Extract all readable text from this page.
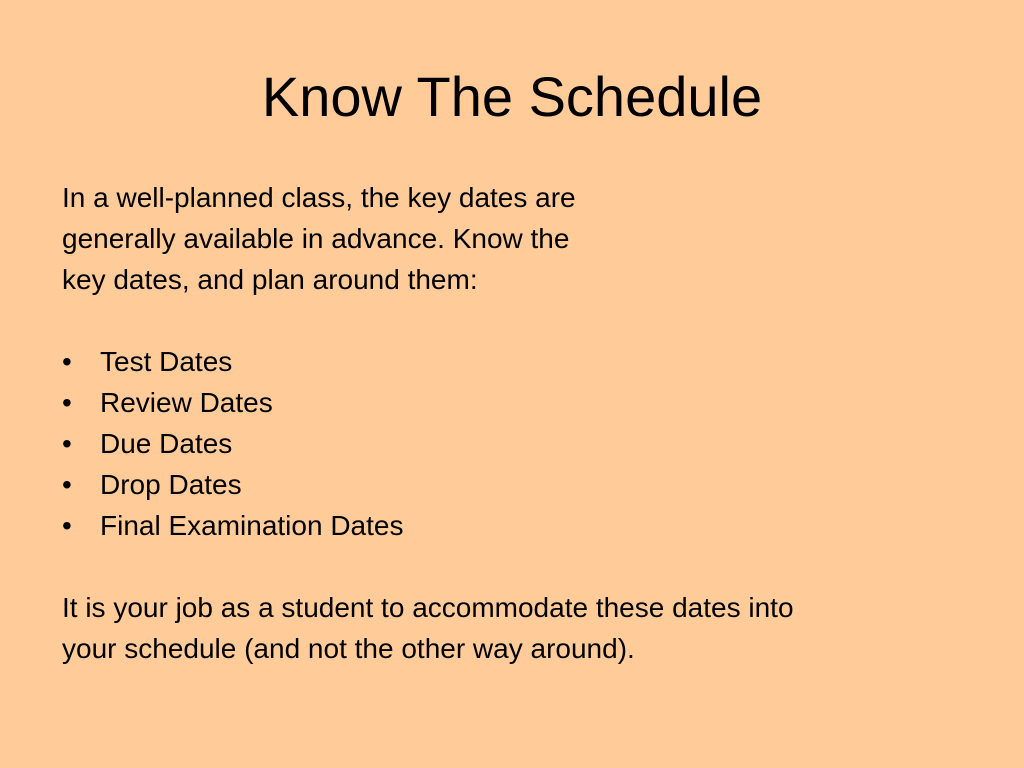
Know The Schedule

In a well-planned class, the key dates are
generally available in advance. Know the
key dates, and plan around them:

• Test Dates
• Review Dates
• Due Dates
• Drop Dates
• Final Examination Dates

It is your job as a student to accommodate these dates into
your schedule (and not the other way around).
